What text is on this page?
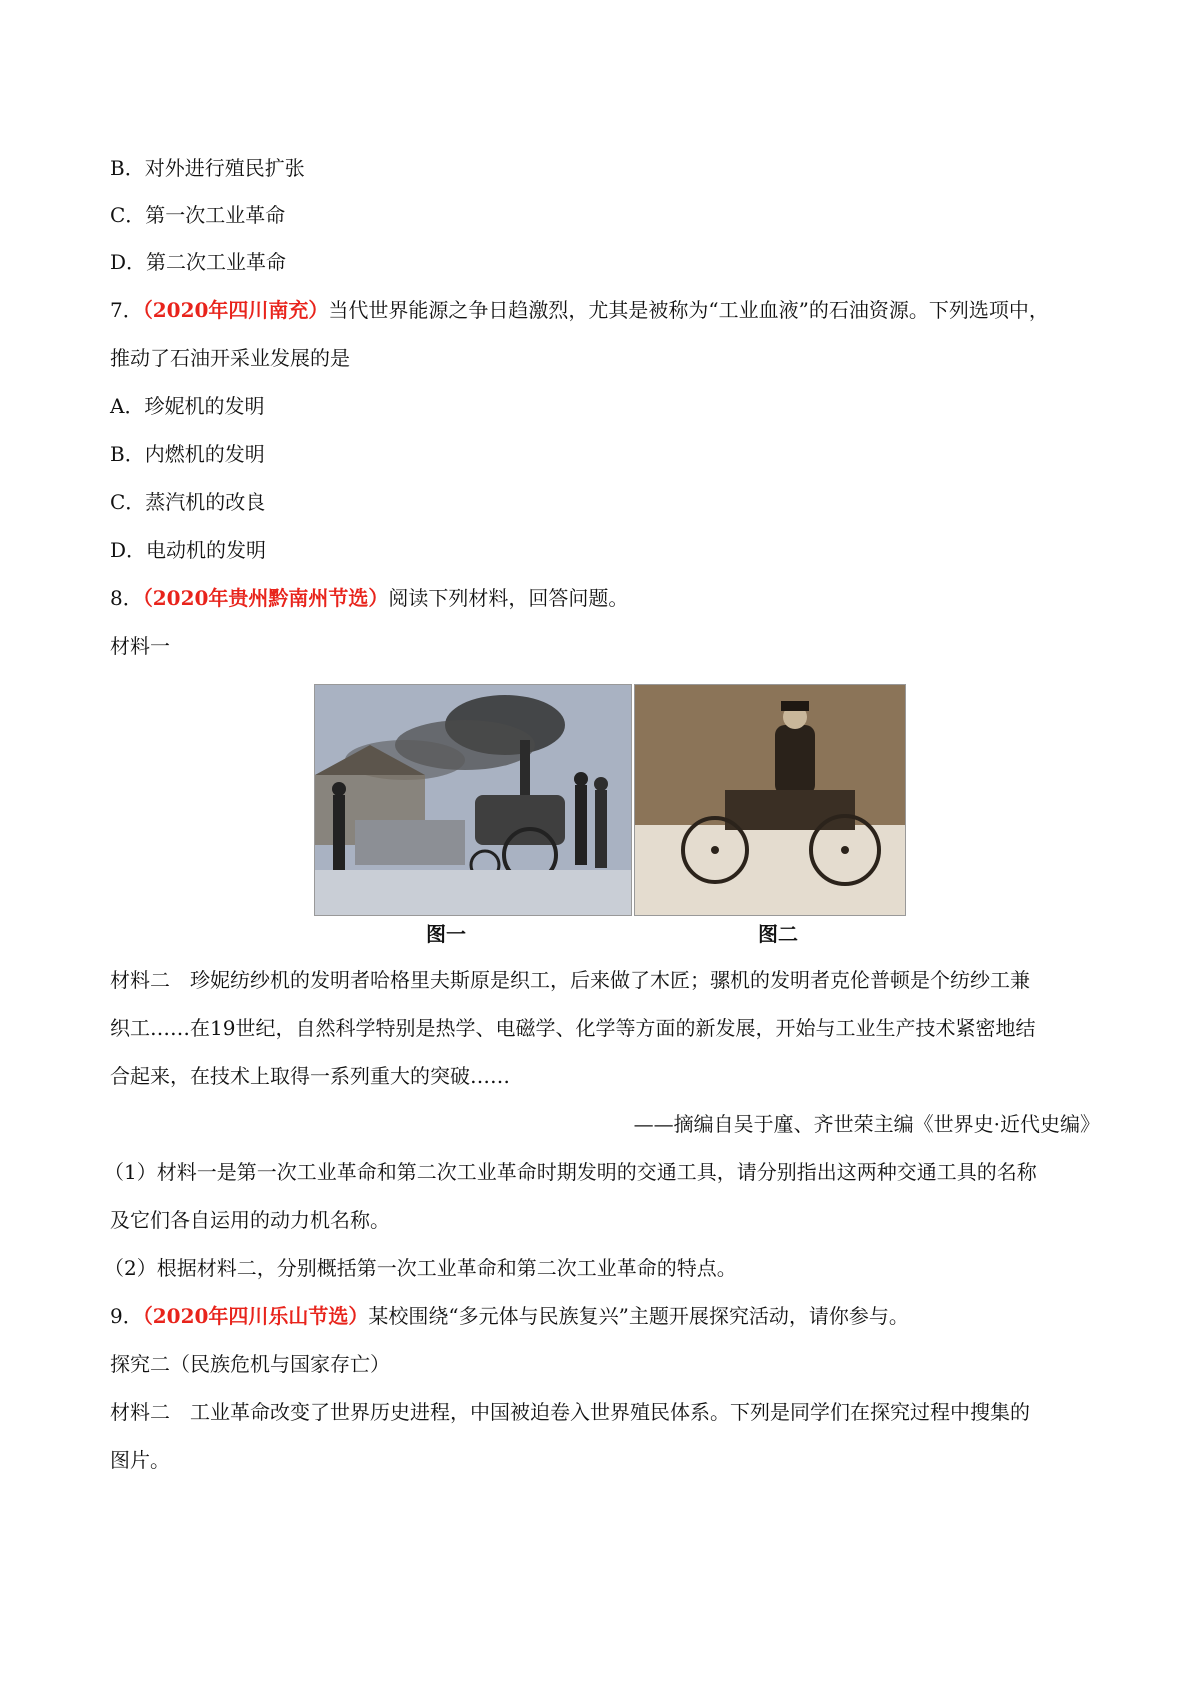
B．对外进行殖民扩张
C．第一次工业革命
D．第二次工业革命
7．（2020年四川南充）当代世界能源之争日趋激烈，尤其是被称为“工业血液”的石油资源。下列选项中，
推动了石油开采业发展的是
A．珍妮机的发明
B．内燃机的发明
C．蒸汽机的改良
D．电动机的发明
8．（2020年贵州黔南州节选）阅读下列材料，回答问题。
材料一
图一	图二
材料二　珍妮纺纱机的发明者哈格里夫斯原是织工，后来做了木匠；骡机的发明者克伦普顿是个纺纱工兼
织工……在19世纪，自然科学特别是热学、电磁学、化学等方面的新发展，开始与工业生产技术紧密地结
合起来，在技术上取得一系列重大的突破……
——摘编自吴于廑、齐世荣主编《世界史·近代史编》
（1）材料一是第一次工业革命和第二次工业革命时期发明的交通工具，请分别指出这两种交通工具的名称
及它们各自运用的动力机名称。
（2）根据材料二，分别概括第一次工业革命和第二次工业革命的特点。
9．（2020年四川乐山节选）某校围绕“多元体与民族复兴”主题开展探究活动，请你参与。
探究二（民族危机与国家存亡）
材料二　工业革命改变了世界历史进程，中国被迫卷入世界殖民体系。下列是同学们在探究过程中搜集的
图片。
